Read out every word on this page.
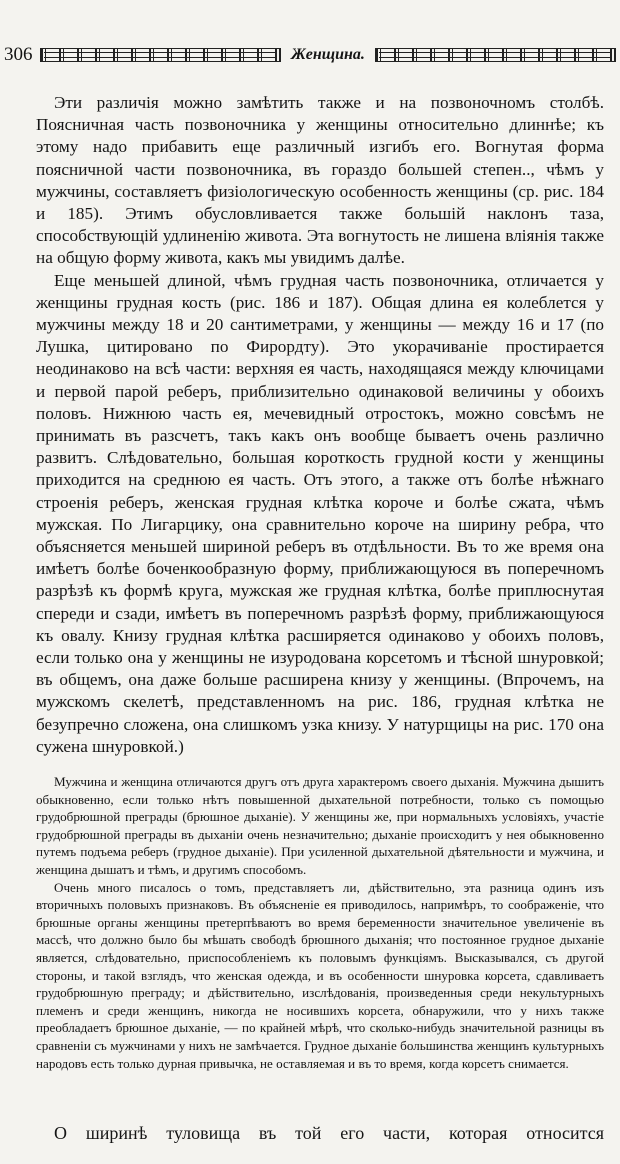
306	Женщина.

Эти различія можно замѣтить также и на позвоночномъ столбѣ. Поясничная часть позвоночника у женщины относительно длиннѣе; къ этому надо прибавить еще различный изгибъ его. Вогнутая форма поясничной части позвоночника, въ гораздо большей степен.., чѣмъ у мужчины, составляетъ физіологическую особенность женщины (ср. рис. 184 и 185). Этимъ обусловливается также большій наклонъ таза, способствующій удлиненію живота. Эта вогнутость не лишена вліянія также на общую форму живота, какъ мы увидимъ далѣе.

Еще меньшей длиной, чѣмъ грудная часть позвоночника, отличается у женщины грудная кость (рис. 186 и 187). Общая длина ея колеблется у мужчины между 18 и 20 сантиметрами, у женщины — между 16 и 17 (по Лушка, цитировано по Фирордту). Это укорачиваніе простирается неодинаково на всѣ части: верхняя ея часть, находящаяся между ключицами и первой парой реберъ, приблизительно одинаковой величины у обоихъ половъ. Нижнюю часть ея, мечевидный отростокъ, можно совсѣмъ не принимать въ разсчетъ, такъ какъ онъ вообще бываетъ очень различно развитъ. Слѣдовательно, большая короткость грудной кости у женщины приходится на среднюю ея часть. Отъ этого, а также отъ болѣе нѣжнаго строенія реберъ, женская грудная клѣтка короче и болѣе сжата, чѣмъ мужская. По Лигарцику, она сравнительно короче на ширину ребра, что объясняется меньшей шириной реберъ въ отдѣльности. Въ то же время она имѣетъ болѣе боченкообразную форму, приближающуюся въ поперечномъ разрѣзѣ къ формѣ круга, мужская же грудная клѣтка, болѣе приплюснутая спереди и сзади, имѣетъ въ поперечномъ разрѣзѣ форму, приближающуюся къ овалу. Книзу грудная клѣтка расширяется одинаково у обоихъ половъ, если только она у женщины не изуродована корсетомъ и тѣсной шнуровкой; въ общемъ, она даже больше расширена книзу у женщины. (Впрочемъ, на мужскомъ скелетѣ, представленномъ на рис. 186, грудная клѣтка не безупречно сложена, она слишкомъ узка книзу. У натурщицы на рис. 170 она сужена шнуровкой.)

Мужчина и женщина отличаются другъ отъ друга характеромъ своего дыханія. Мужчина дышитъ обыкновенно, если только нѣтъ повышенной дыхательной потребности, только съ помощью грудобрюшной преграды (брюшное дыханіе). У женщины же, при нормальныхъ условіяхъ, участіе грудобрюшной преграды въ дыханіи очень незначительно; дыханіе происходитъ у нея обыкновенно путемъ подъема реберъ (грудное дыханіе). При усиленной дыхательной дѣятельности и мужчина, и женщина дышатъ и тѣмъ, и другимъ способомъ.

Очень много писалось о томъ, представляетъ ли, дѣйствительно, эта разница одинъ изъ вторичныхъ половыхъ признаковъ. Въ объясненіе ея приводилось, напримѣръ, то соображеніе, что брюшные органы женщины претерпѣваютъ во время беременности значительное увеличеніе въ массѣ, что должно было бы мѣшать свободѣ брюшного дыханія; что постоянное грудное дыханіе является, слѣдовательно, приспособленіемъ къ половымъ функціямъ. Высказывался, съ другой стороны, и такой взглядъ, что женская одежда, и въ особенности шнуровка корсета, сдавливаетъ грудобрюшную преграду; и дѣйствительно, изслѣдованія, произведенныя среди некультурныхъ племенъ и среди женщинъ, никогда не носившихъ корсета, обнаружили, что у нихъ также преобладаетъ брюшное дыханіе, — по крайней мѣрѣ, что сколько-нибудь значительной разницы въ сравненіи съ мужчинами у нихъ не замѣчается. Грудное дыханіе большинства женщинъ культурныхъ народовъ есть только дурная привычка, не оставляемая и въ то время, когда корсетъ снимается.

О ширинѣ туловища въ той его части, которая относится
